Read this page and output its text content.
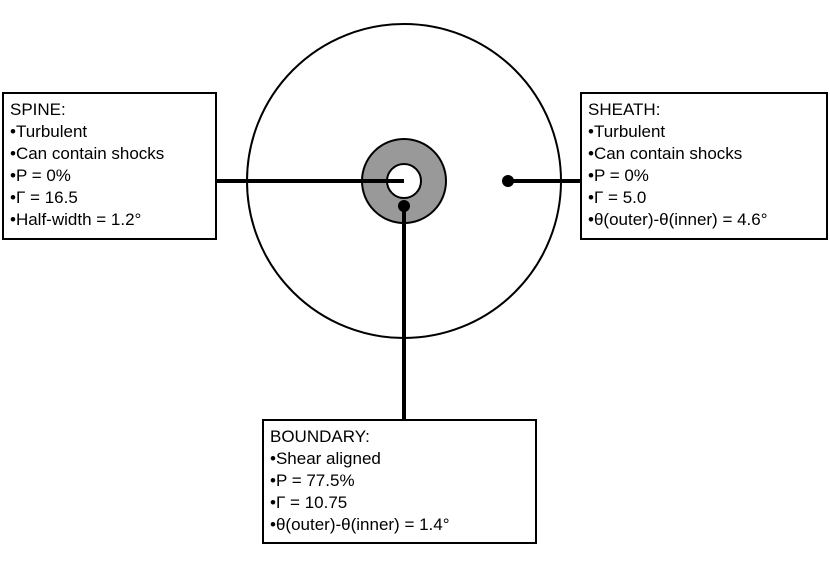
SPINE:
•Turbulent
•Can contain shocks
•P = 0%
•Γ = 16.5
•Half-width = 1.2°
SHEATH:
•Turbulent
•Can contain shocks
•P = 0%
•Γ = 5.0
•θ(outer)-θ(inner) = 4.6°
BOUNDARY:
•Shear aligned
•P = 77.5%
•Γ = 10.75
•θ(outer)-θ(inner) = 1.4°
